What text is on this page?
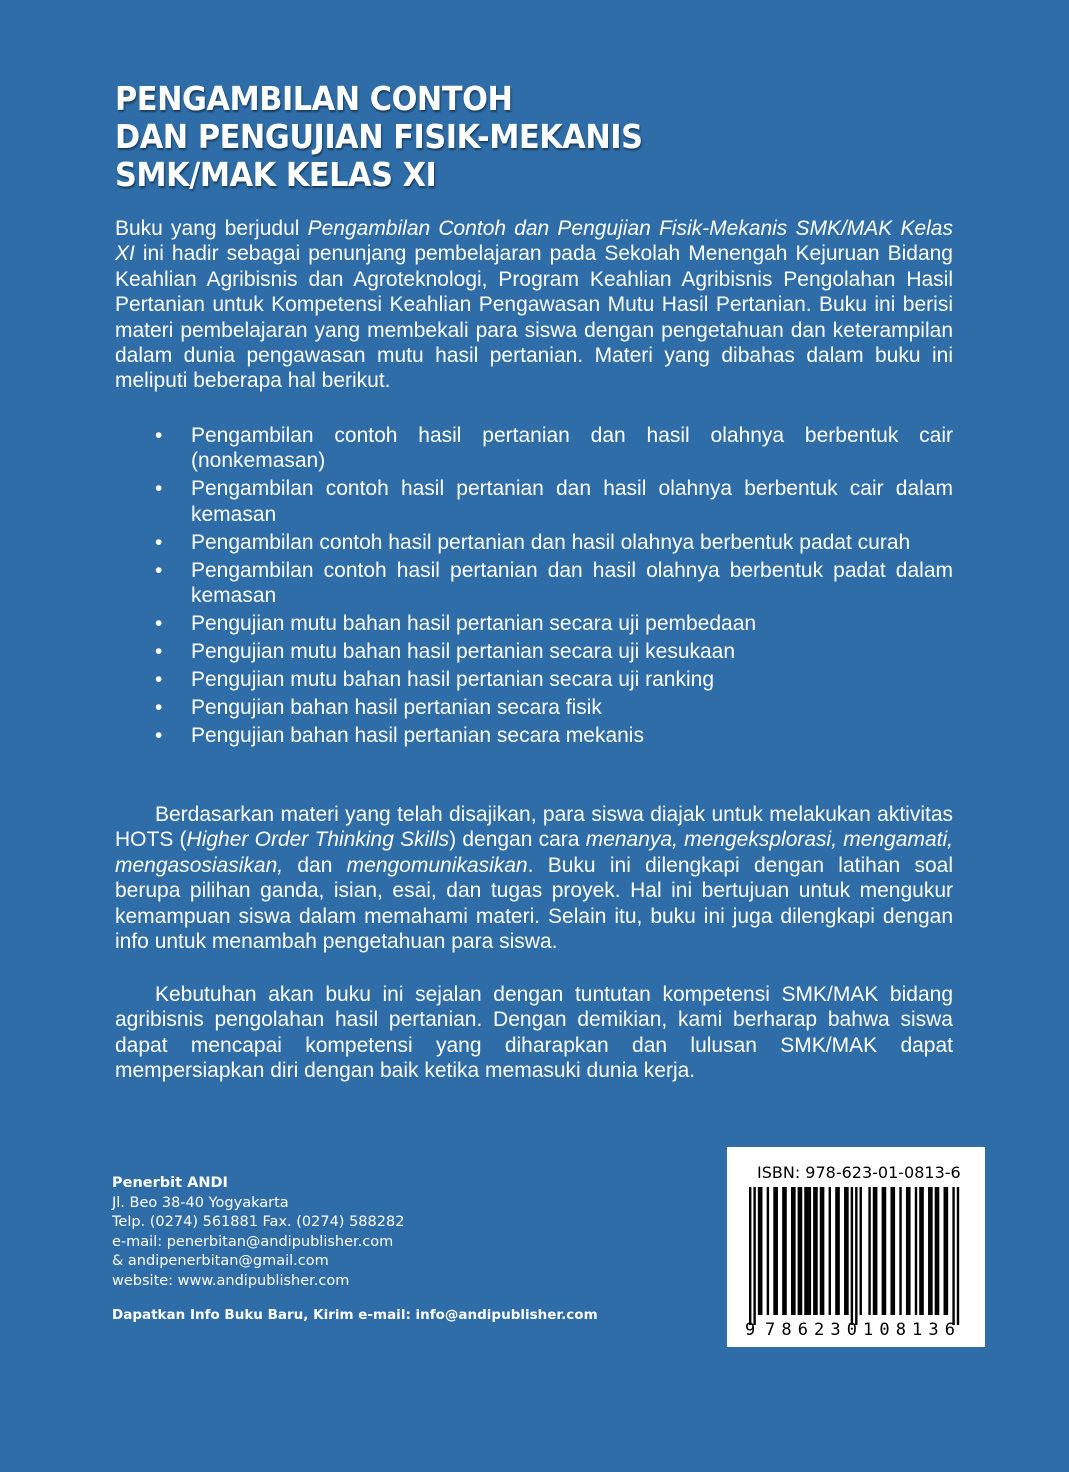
PENGAMBILAN CONTOH
DAN PENGUJIAN FISIK-MEKANIS
SMK/MAK KELAS XI

Buku yang berjudul Pengambilan Contoh dan Pengujian Fisik-Mekanis SMK/MAK Kelas XI ini hadir sebagai penunjang pembelajaran pada Sekolah Menengah Kejuruan Bidang Keahlian Agribisnis dan Agroteknologi, Program Keahlian Agribisnis Pengolahan Hasil Pertanian untuk Kompetensi Keahlian Pengawasan Mutu Hasil Pertanian. Buku ini berisi materi pembelajaran yang membekali para siswa dengan pengetahuan dan keterampilan dalam dunia pengawasan mutu hasil pertanian. Materi yang dibahas dalam buku ini meliputi beberapa hal berikut.

• Pengambilan contoh hasil pertanian dan hasil olahnya berbentuk cair (nonkemasan)
• Pengambilan contoh hasil pertanian dan hasil olahnya berbentuk cair dalam kemasan
• Pengambilan contoh hasil pertanian dan hasil olahnya berbentuk padat curah
• Pengambilan contoh hasil pertanian dan hasil olahnya berbentuk padat dalam kemasan
• Pengujian mutu bahan hasil pertanian secara uji pembedaan
• Pengujian mutu bahan hasil pertanian secara uji kesukaan
• Pengujian mutu bahan hasil pertanian secara uji ranking
• Pengujian bahan hasil pertanian secara fisik
• Pengujian bahan hasil pertanian secara mekanis

Berdasarkan materi yang telah disajikan, para siswa diajak untuk melakukan aktivitas HOTS (Higher Order Thinking Skills) dengan cara menanya, mengeksplorasi, mengamati, mengasosiasikan, dan mengomunikasikan. Buku ini dilengkapi dengan latihan soal berupa pilihan ganda, isian, esai, dan tugas proyek. Hal ini bertujuan untuk mengukur kemampuan siswa dalam memahami materi. Selain itu, buku ini juga dilengkapi dengan info untuk menambah pengetahuan para siswa.

Kebutuhan akan buku ini sejalan dengan tuntutan kompetensi SMK/MAK bidang agribisnis pengolahan hasil pertanian. Dengan demikian, kami berharap bahwa siswa dapat mencapai kompetensi yang diharapkan dan lulusan SMK/MAK dapat mempersiapkan diri dengan baik ketika memasuki dunia kerja.

Penerbit ANDI
Jl. Beo 38-40 Yogyakarta
Telp. (0274) 561881 Fax. (0274) 588282
e-mail: penerbitan@andipublisher.com
& andipenerbitan@gmail.com
website: www.andipublisher.com
Dapatkan Info Buku Baru, Kirim e-mail: info@andipublisher.com
ISBN: 978-623-01-0813-6
9 7 8 6 2 3 0 1 0 8 1 3 6
